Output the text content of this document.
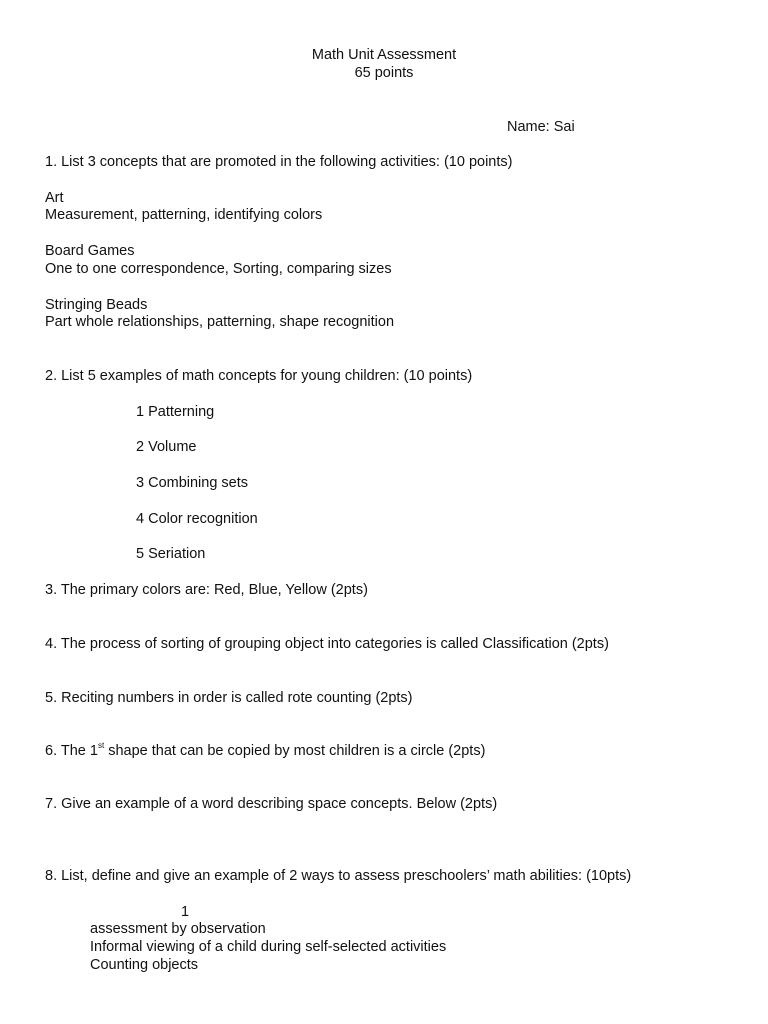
Math Unit Assessment
65 points
Name: Sai
1. List 3 concepts that are promoted in the following activities: (10 points)
Art
Measurement, patterning, identifying colors
Board Games
One to one correspondence, Sorting, comparing sizes
Stringing Beads
Part whole relationships, patterning, shape recognition
2. List 5 examples of math concepts for young children: (10 points)
1 Patterning
2 Volume
3 Combining sets
4 Color recognition
5 Seriation
3. The primary colors are: Red, Blue, Yellow (2pts)
4. The process of sorting of grouping object into categories is called Classification (2pts)
5. Reciting numbers in order is called rote counting (2pts)
6. The 1st shape that can be copied by most children is a circle (2pts)
7. Give an example of a word describing space concepts. Below (2pts)
8. List, define and give an example of 2 ways to assess preschoolers’ math abilities: (10pts)
1
assessment by observation
Informal viewing of a child during self-selected activities
Counting objects
